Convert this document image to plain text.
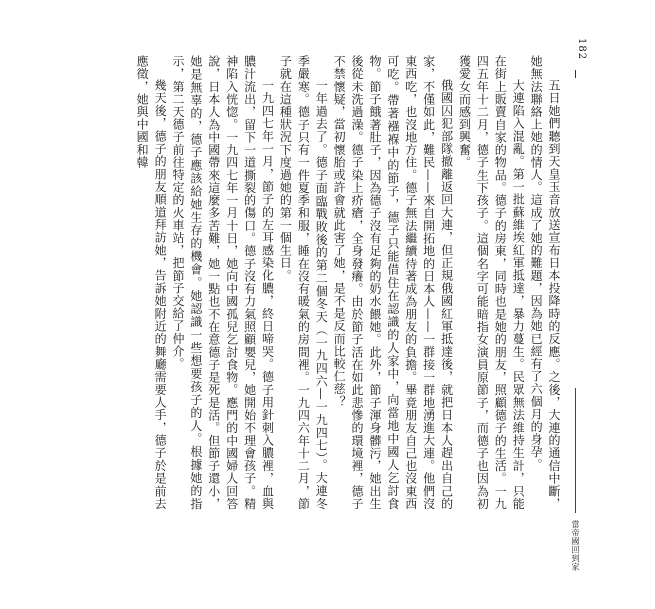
182

五日她們聽到天皇玉音放送宣布日本投降時的反應。之後，大連的通信中斷，她無法聯絡上她的情人。這成了她的難題，因為她已經有了六個月的身孕。

大連陷入混亂。第一批蘇維埃紅軍抵達，暴力蔓生。民眾無法維持生計，只能在街上販賣自家的物品。德子的房東，同時也是她的朋友，照顧德子的生活。一九四五年十二月，德子生下孩子。這個名字可能暗指女演員原節子，而德子也因為初獲愛女而感到興奮。

俄國囚犯部隊撤離返回大連，但正規俄國紅軍抵達後，就把日本人趕出自己的家，不僅如此，難民——來自開拓地的日本人——一群接一群地湧進大連。他們沒東西吃，也沒地方住。德子無法繼續待著成為朋友的負擔。畢竟朋友自己也沒東西可吃。帶著襁褓中的節子，德子只能借住在認識的人家中，向當地中國人乞討食物。節子餓著肚子，因為德子沒有足夠的奶水餵她。此外，節子渾身髒污，她出生後從未洗過澡。德子染上疥瘡，全身發癢。由於節子活在如此悲慘的環境裡，德子不禁懷疑，當初懷胎或許會就此害了她，是不是反而比較仁慈？

一年過去了。德子面臨戰敗後的第二個冬天（一九四六—一九四七）。大連冬季嚴寒。德子只有一件夏季和服，睡在沒有暖氣的房間裡。一九四六年十二月，節子就在這種狀況下度過她的第一個生日。

一九四七年一月，節子的左耳感染化膿，終日啼哭。德子用針刺入膿裡，血與膿汁流出，留下一道撕裂的傷口。德子沒有力氣照顧嬰兒，她開始不理會孩子。精神陷入恍惚。一九四七年一月十日，她向中國孤兒乞討食物。應門的中國婦人回答說，日本人為中國帶來這麼多苦難，她一點也不在意德子是死是活。但節子還小，她是無辜的，德子應該給她生存的機會。她認識一些想要孩子的人。根據她的指示，第二天德子前往特定的火車站，把節子交給了仲介。

幾天後，德子的朋友順道拜訪她，告訴她附近的舞廳需要人手，德子於是前去應徵，她與中國和韓

當帝國回到家
